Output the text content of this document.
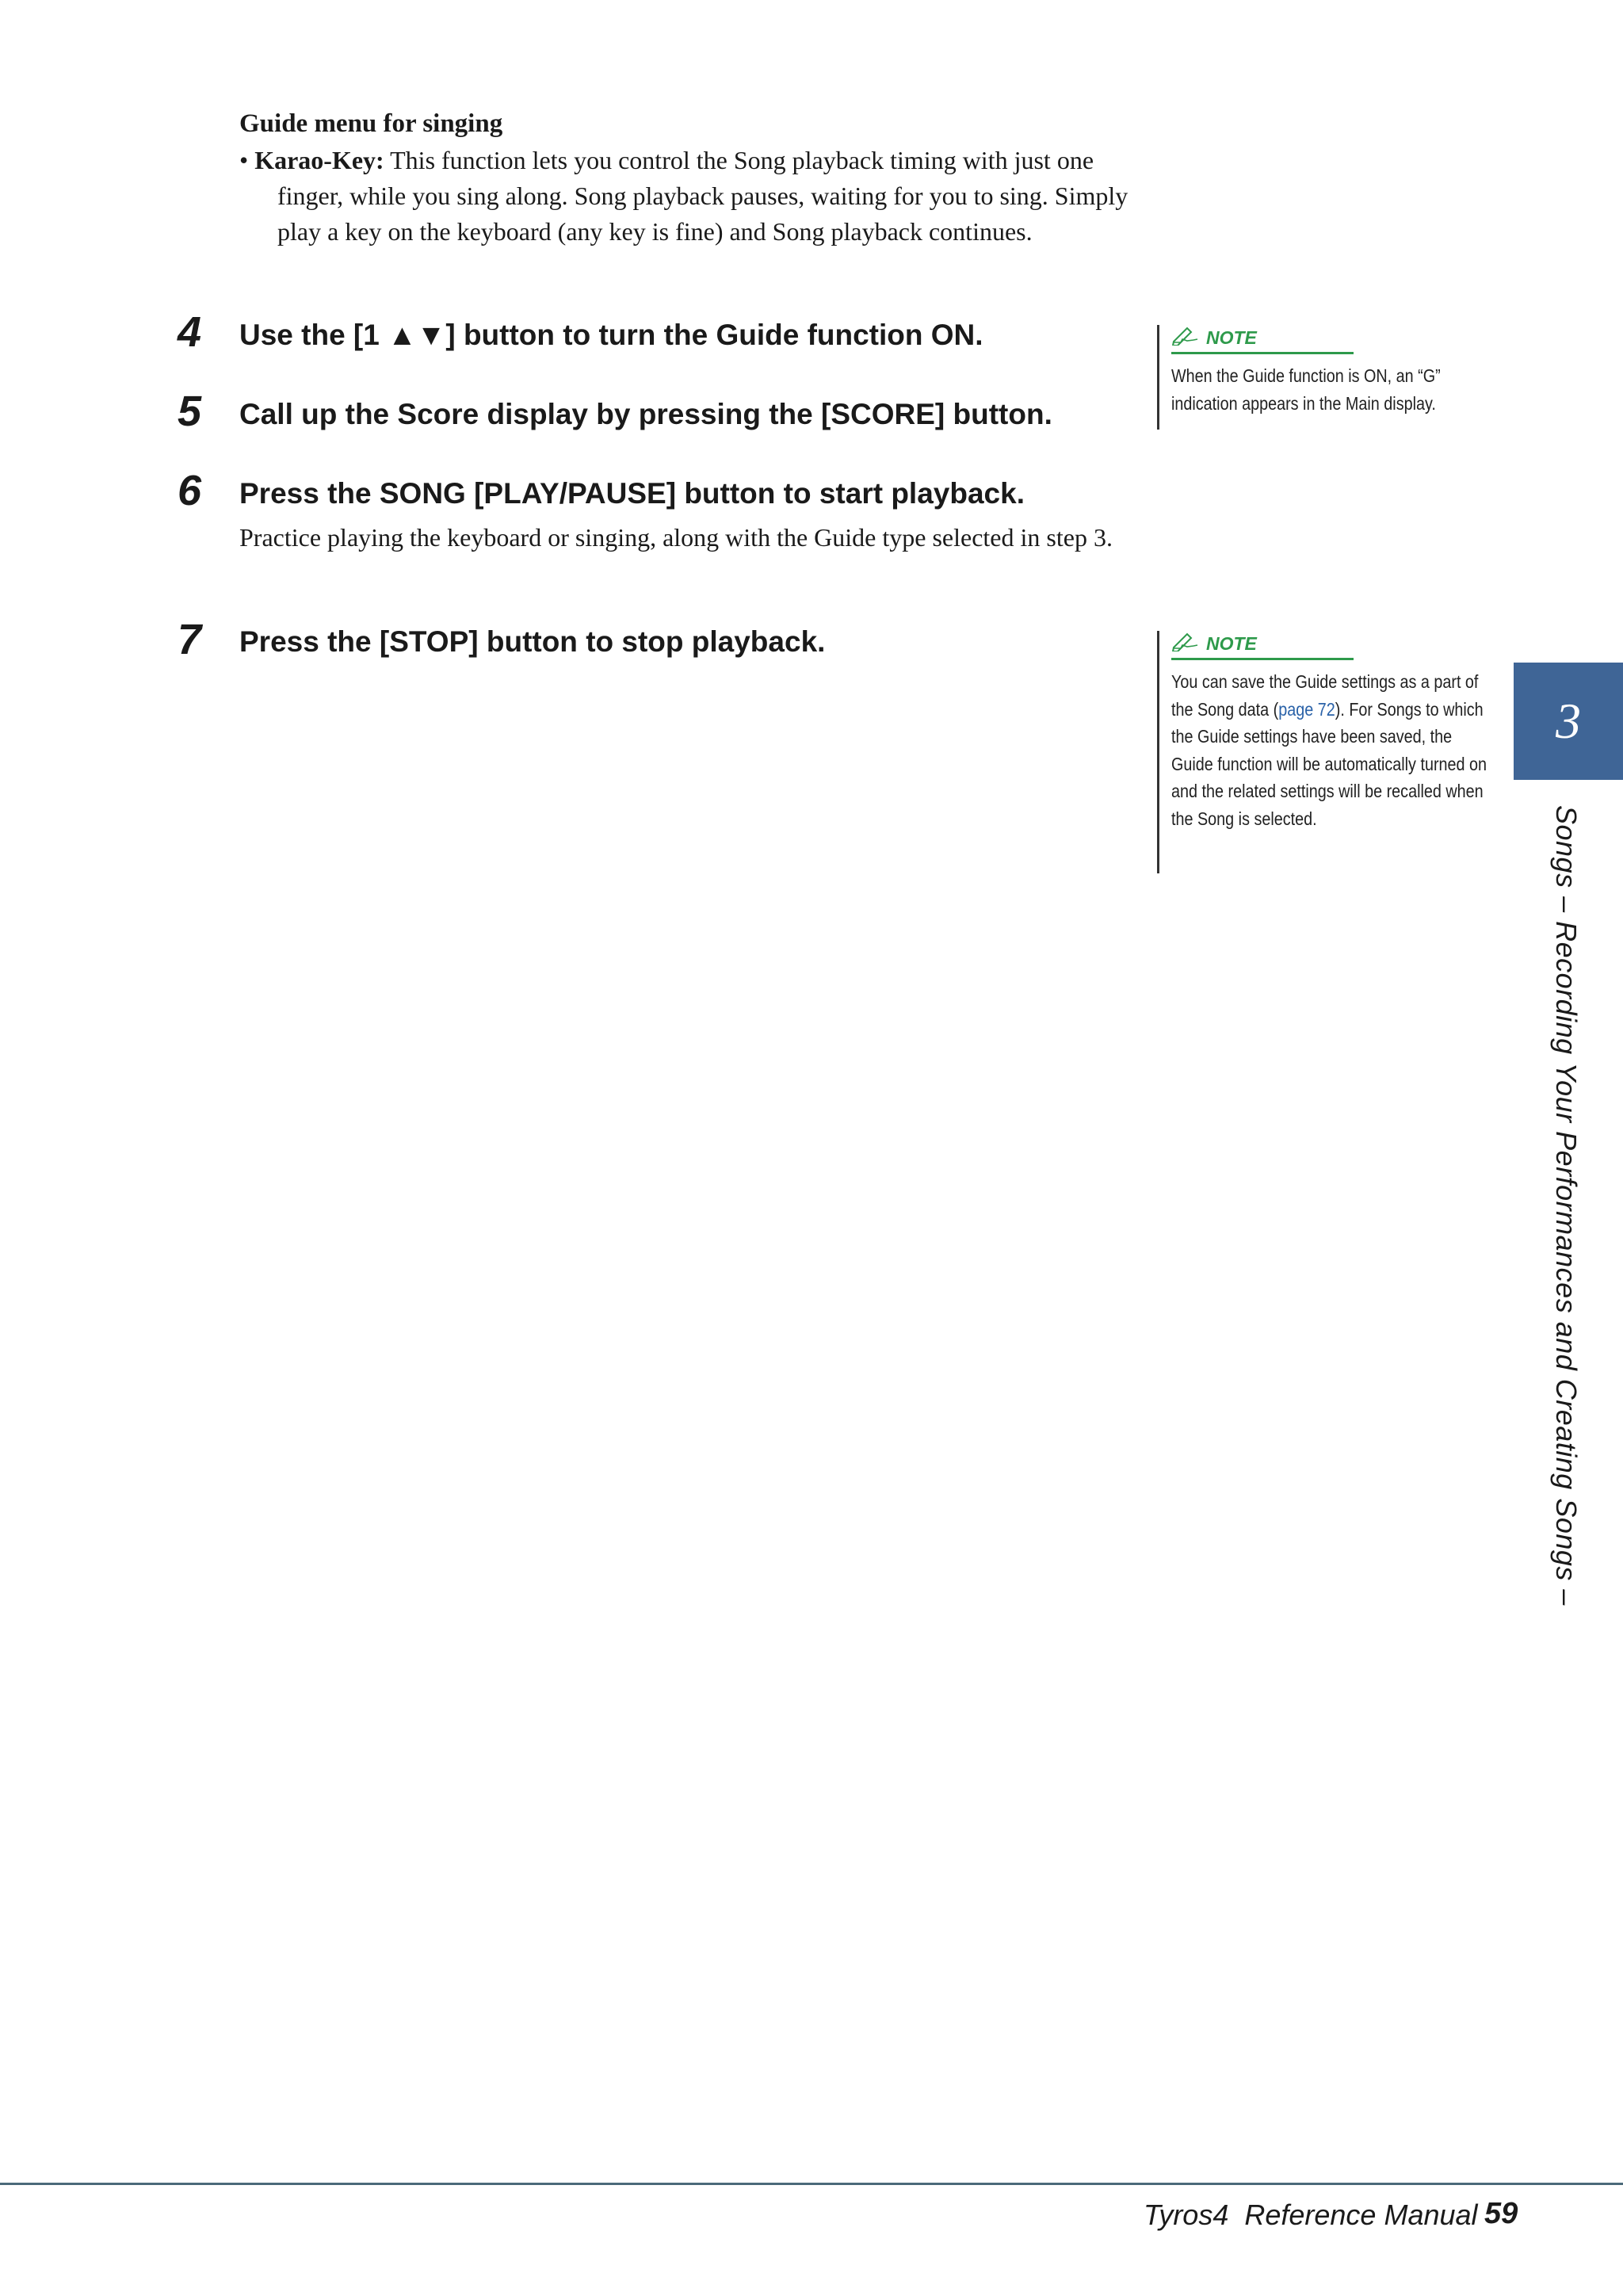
Guide menu for singing
• Karao-Key: This function lets you control the Song playback timing with just one finger, while you sing along. Song playback pauses, waiting for you to sing. Simply play a key on the keyboard (any key is fine) and Song playback continues.
4 Use the [1 ▲▼] button to turn the Guide function ON.
5 Call up the Score display by pressing the [SCORE] button.
6 Press the SONG [PLAY/PAUSE] button to start playback.
Practice playing the keyboard or singing, along with the Guide type selected in step 3.
7 Press the [STOP] button to stop playback.
NOTE
When the Guide function is ON, an “G” indication appears in the Main display.
NOTE
You can save the Guide settings as a part of the Song data (page 72). For Songs to which the Guide settings have been saved, the Guide function will be automatically turned on and the related settings will be recalled when the Song is selected.
3
Songs – Recording Your Performances and Creating Songs –
Tyros4  Reference Manual 59
